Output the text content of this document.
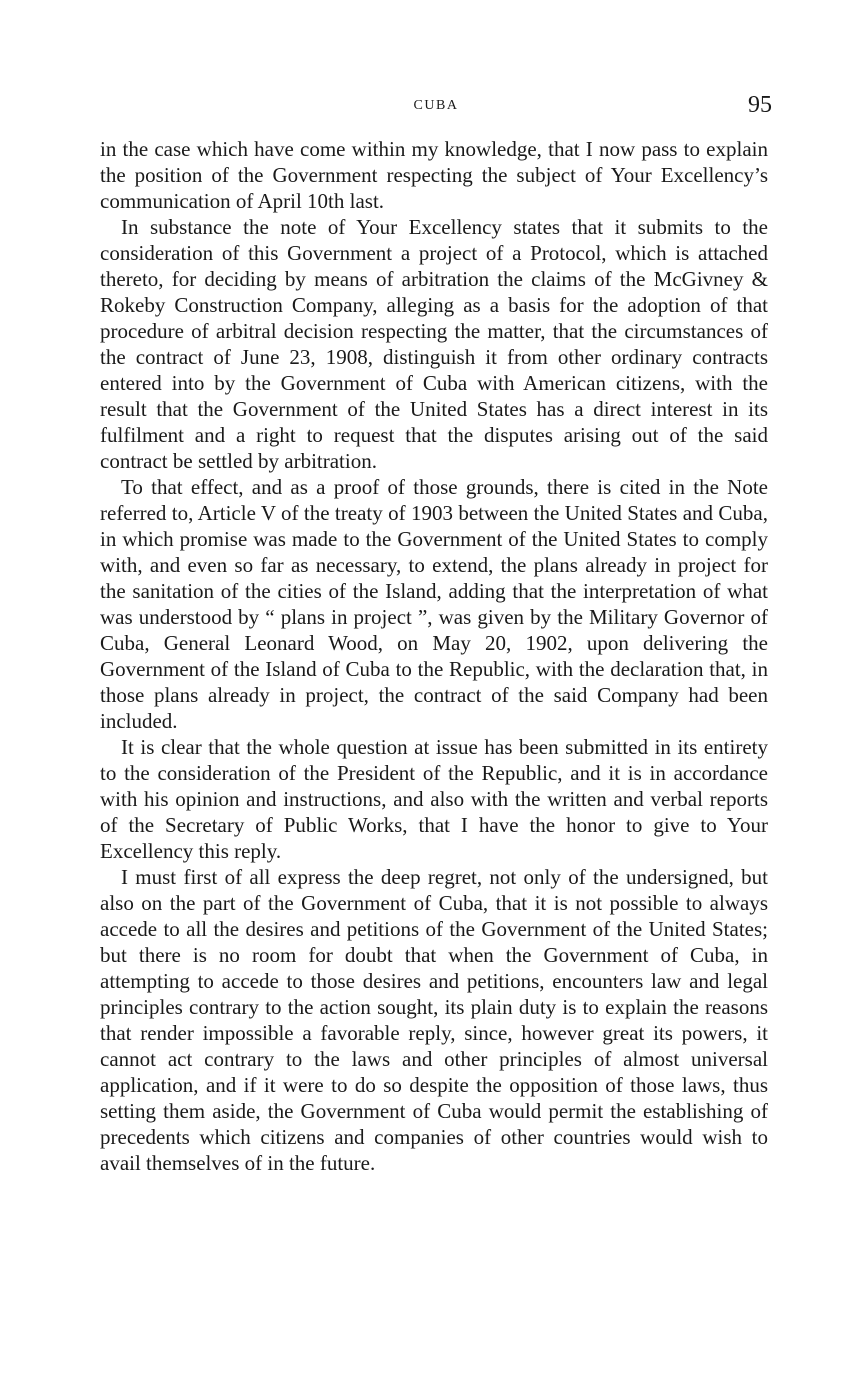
CUBA	95

in the case which have come within my knowledge, that I now pass to explain the position of the Government respecting the subject of Your Excellency’s communication of April 10th last.

In substance the note of Your Excellency states that it submits to the consideration of this Government a project of a Protocol, which is attached thereto, for deciding by means of arbitration the claims of the McGivney & Rokeby Construction Company, alleging as a basis for the adoption of that procedure of arbitral decision respecting the matter, that the circumstances of the contract of June 23, 1908, distinguish it from other ordinary contracts entered into by the Government of Cuba with American citizens, with the result that the Government of the United States has a direct interest in its fulfilment and a right to request that the disputes arising out of the said contract be settled by arbitration.

To that effect, and as a proof of those grounds, there is cited in the Note referred to, Article V of the treaty of 1903 between the United States and Cuba, in which promise was made to the Government of the United States to comply with, and even so far as necessary, to extend, the plans already in project for the sanitation of the cities of the Island, adding that the interpretation of what was understood by “ plans in project ”, was given by the Military Governor of Cuba, General Leonard Wood, on May 20, 1902, upon delivering the Government of the Island of Cuba to the Republic, with the declaration that, in those plans already in project, the contract of the said Company had been included.

It is clear that the whole question at issue has been submitted in its entirety to the consideration of the President of the Republic, and it is in accordance with his opinion and instructions, and also with the written and verbal reports of the Secretary of Public Works, that I have the honor to give to Your Excellency this reply.

I must first of all express the deep regret, not only of the undersigned, but also on the part of the Government of Cuba, that it is not possible to always accede to all the desires and petitions of the Government of the United States; but there is no room for doubt that when the Government of Cuba, in attempting to accede to those desires and petitions, encounters law and legal principles contrary to the action sought, its plain duty is to explain the reasons that render impossible a favorable reply, since, however great its powers, it cannot act contrary to the laws and other principles of almost universal application, and if it were to do so despite the opposition of those laws, thus setting them aside, the Government of Cuba would permit the establishing of precedents which citizens and companies of other countries would wish to avail themselves of in the future.
